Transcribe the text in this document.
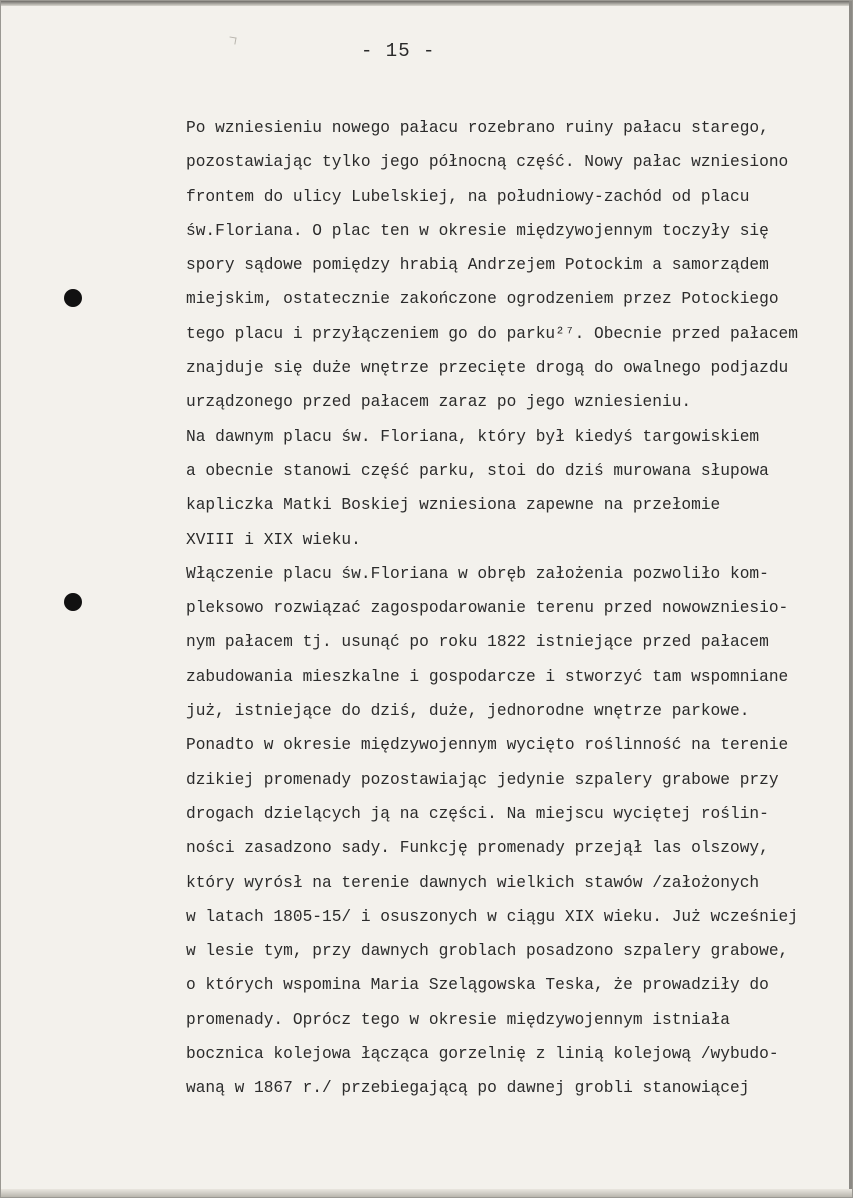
- 15 -
Po wzniesieniu nowego pałacu rozebrano ruiny pałacu starego,
pozostawiając tylko jego północną część. Nowy pałac wzniesiono
frontem do ulicy Lubelskiej, na południowy-zachód od placu
św.Floriana. O plac ten w okresie międzywojennym toczyły się
spory sądowe pomiędzy hrabią Andrzejem Potockim a samorządem
miejskim, ostatecznie zakończone ogrodzeniem przez Potockiego
tego placu i przyłączeniem go do parku²⁷. Obecnie przed pałacem
znajduje się duże wnętrze przecięte drogą do owalnego podjazdu
urządzonego przed pałacem zaraz po jego wzniesieniu.
Na dawnym placu św. Floriana, który był kiedyś targowiskiem
a obecnie stanowi część parku, stoi do dziś murowana słupowa
kapliczka Matki Boskiej wzniesiona zapewne na przełomie
XVIII i XIX wieku.
Włączenie placu św.Floriana w obręb założenia pozwoliło kom-
pleksowo rozwiązać zagospodarowanie terenu przed nowowzniesio-
nym pałacem tj. usunąć po roku 1822 istniejące przed pałacem
zabudowania mieszkalne i gospodarcze i stworzyć tam wspomniane
już, istniejące do dziś, duże, jednorodne wnętrze parkowe.
Ponadto w okresie międzywojennym wycięto roślinność na terenie
dzikiej promenady pozostawiając jedynie szpalery grabowe przy
drogach dzielących ją na części. Na miejscu wyciętej roślin-
ności zasadzono sady. Funkcję promenady przejął las olszowy,
który wyrósł na terenie dawnych wielkich stawów /założonych
w latach 1805-15/ i osuszonych w ciągu XIX wieku. Już wcześniej
w lesie tym, przy dawnych groblach posadzono szpalery grabowe,
o których wspomina Maria Szelągowska Teska, że prowadziły do
promenady. Oprócz tego w okresie międzywojennym istniała
bocznica kolejowa łącząca gorzelnię z linią kolejową /wybudo-
waną w 1867 r./ przebiegającą po dawnej grobli stanowiącej
